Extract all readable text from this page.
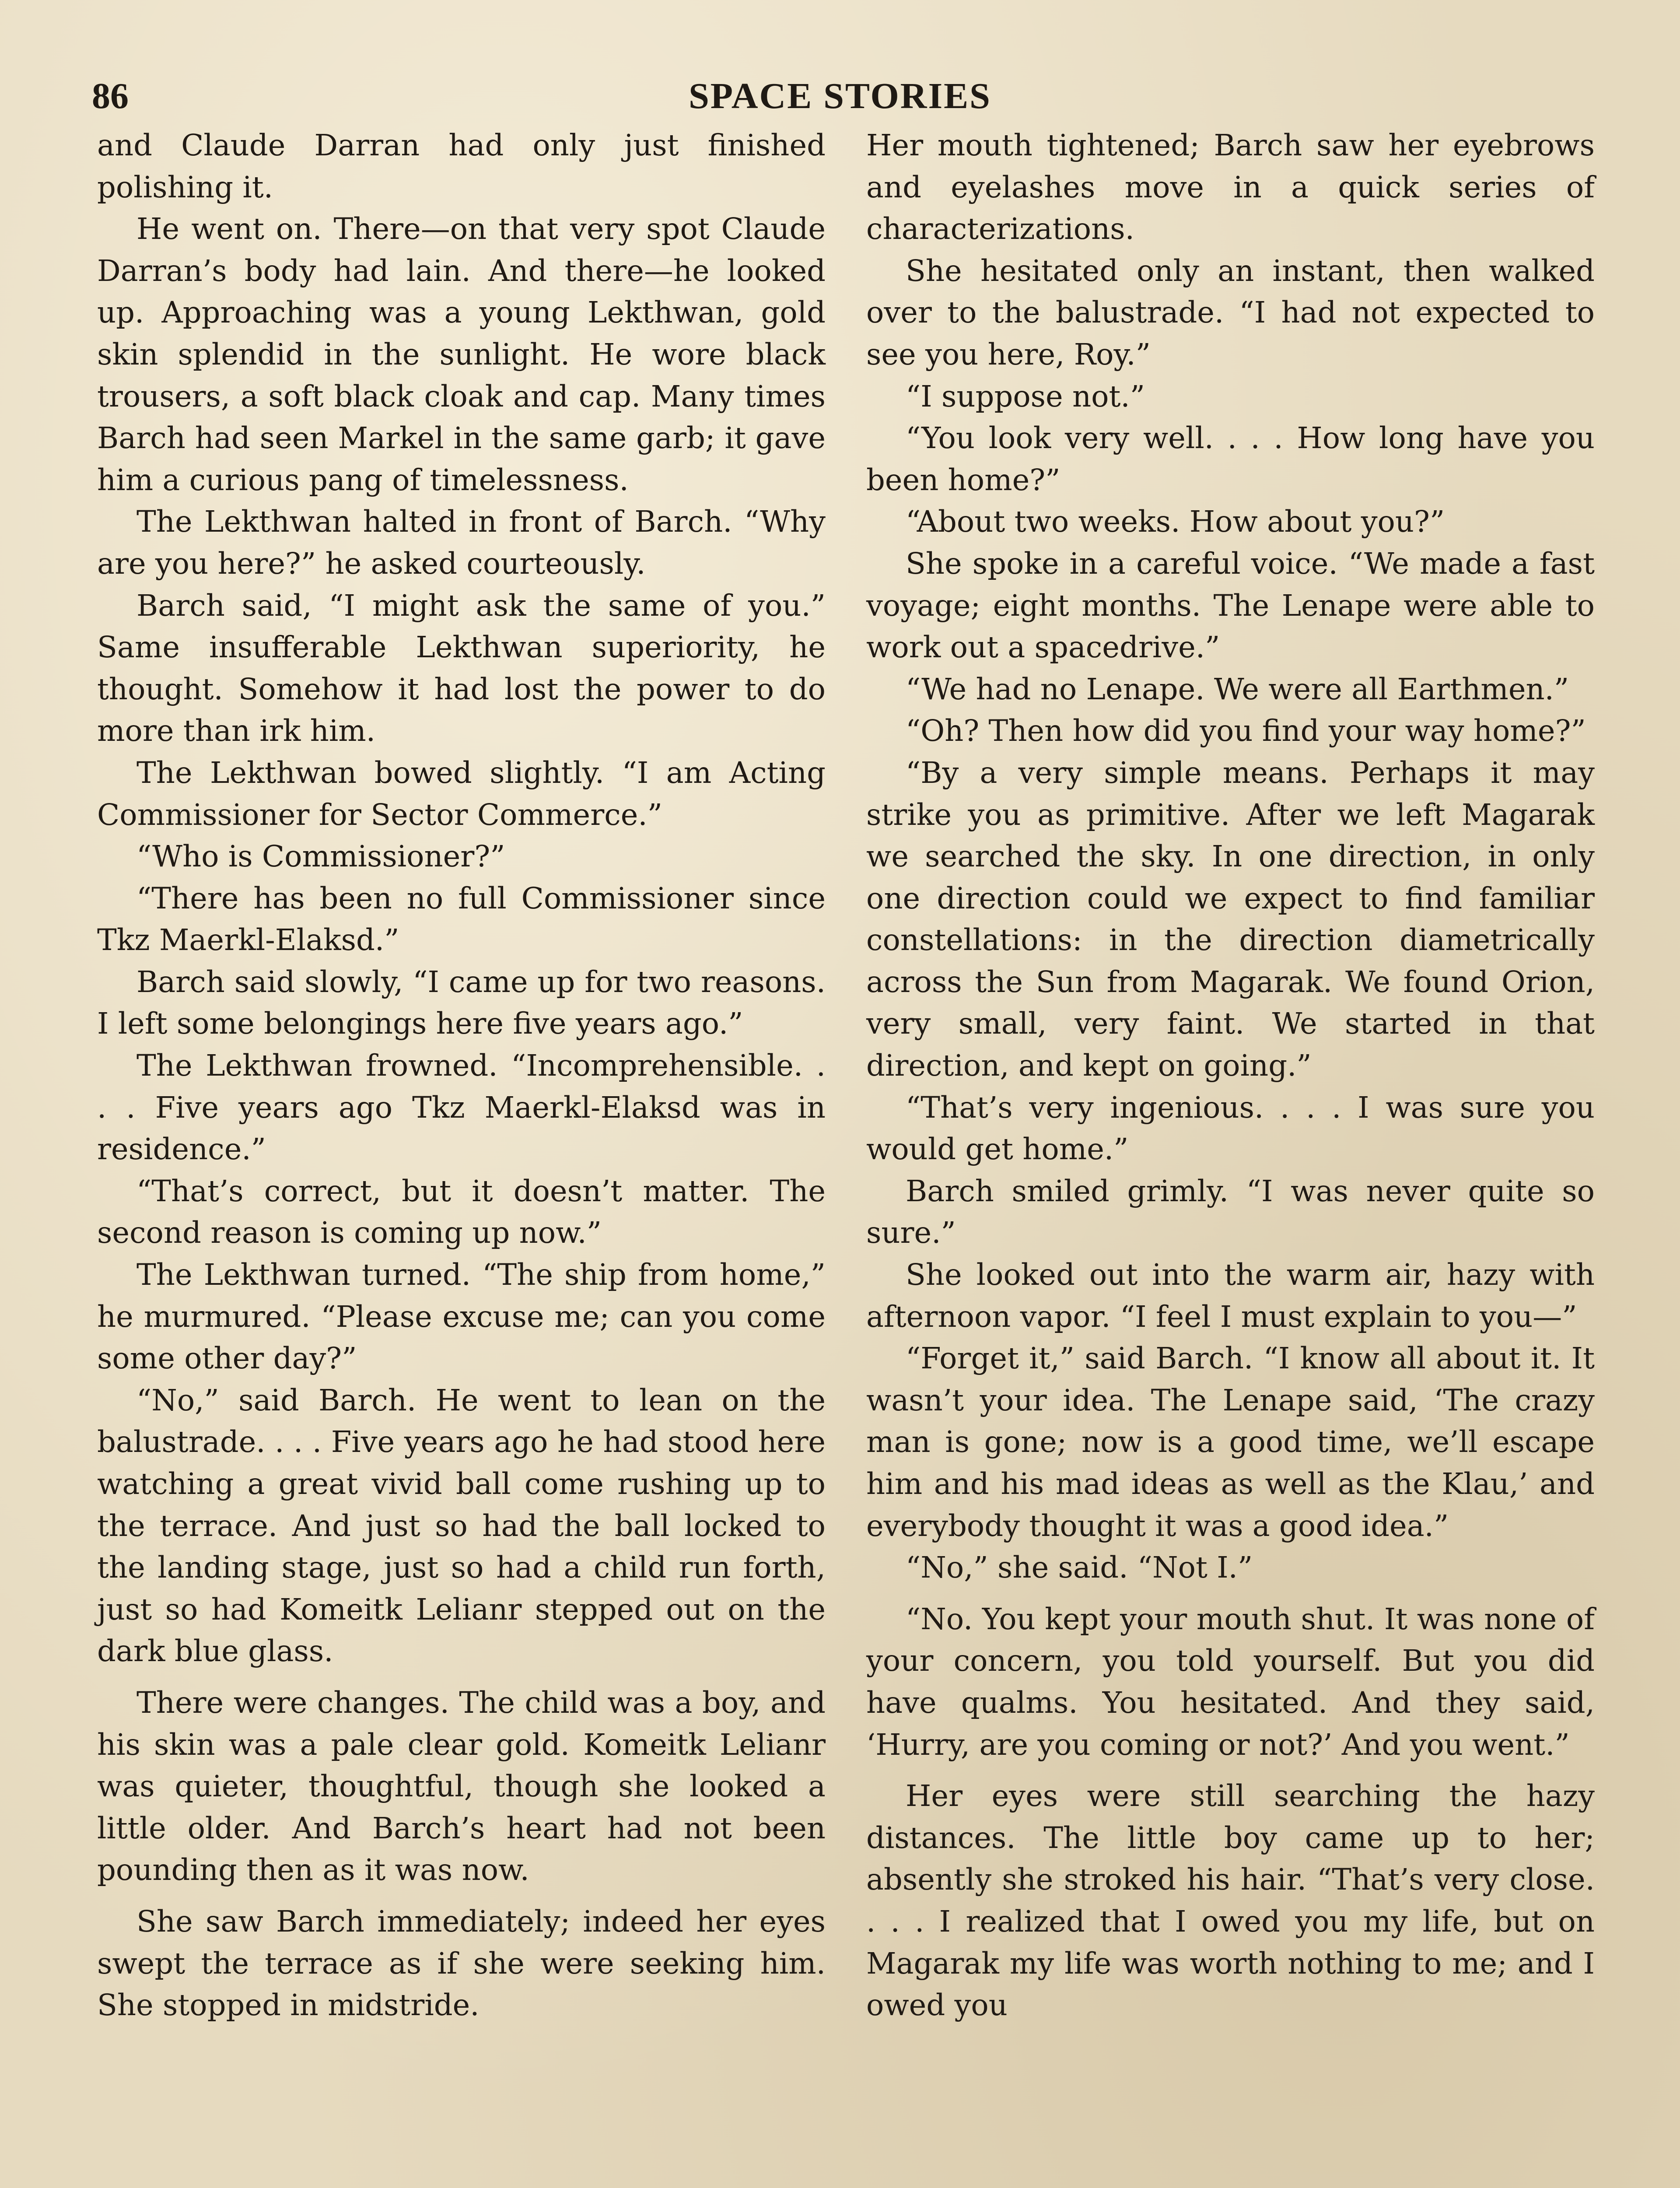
86	SPACE STORIES

and Claude Darran had only just finished polishing it.

He went on. There—on that very spot Claude Darran’s body had lain. And there—he looked up. Approaching was a young Lekthwan, gold skin splendid in the sunlight. He wore black trousers, a soft black cloak and cap. Many times Barch had seen Markel in the same garb; it gave him a curious pang of timelessness.

The Lekthwan halted in front of Barch. “Why are you here?” he asked courteously.

Barch said, “I might ask the same of you.” Same insufferable Lekthwan superiority, he thought. Somehow it had lost the power to do more than irk him.

The Lekthwan bowed slightly. “I am Acting Commissioner for Sector Commerce.”

“Who is Commissioner?”

“There has been no full Commissioner since Tkz Maerkl-Elaksd.”

Barch said slowly, “I came up for two reasons. I left some belongings here five years ago.”

The Lekthwan frowned. “Incomprehensible. . . . Five years ago Tkz Maerkl-Elaksd was in residence.”

“That’s correct, but it doesn’t matter. The second reason is coming up now.”

The Lekthwan turned. “The ship from home,” he murmured. “Please excuse me; can you come some other day?”

“No,” said Barch. He went to lean on the balustrade. . . . Five years ago he had stood here watching a great vivid ball come rushing up to the terrace. And just so had the ball locked to the landing stage, just so had a child run forth, just so had Komeitk Lelianr stepped out on the dark blue glass.

There were changes. The child was a boy, and his skin was a pale clear gold. Komeitk Lelianr was quieter, thoughtful, though she looked a little older. And Barch’s heart had not been pounding then as it was now.

She saw Barch immediately; indeed her eyes swept the terrace as if she were seeking him. She stopped in midstride.

Her mouth tightened; Barch saw her eyebrows and eyelashes move in a quick series of characterizations.

She hesitated only an instant, then walked over to the balustrade. “I had not expected to see you here, Roy.”

“I suppose not.”

“You look very well. . . . How long have you been home?”

“About two weeks. How about you?”

She spoke in a careful voice. “We made a fast voyage; eight months. The Lenape were able to work out a spacedrive.”

“We had no Lenape. We were all Earthmen.”

“Oh? Then how did you find your way home?”

“By a very simple means. Perhaps it may strike you as primitive. After we left Magarak we searched the sky. In one direction, in only one direction could we expect to find familiar constellations: in the direction diametrically across the Sun from Magarak. We found Orion, very small, very faint. We started in that direction, and kept on going.”

“That’s very ingenious. . . . I was sure you would get home.”

Barch smiled grimly. “I was never quite so sure.”

She looked out into the warm air, hazy with afternoon vapor. “I feel I must explain to you—”

“Forget it,” said Barch. “I know all about it. It wasn’t your idea. The Lenape said, ‘The crazy man is gone; now is a good time, we’ll escape him and his mad ideas as well as the Klau,’ and everybody thought it was a good idea.”

“No,” she said. “Not I.”

“No. You kept your mouth shut. It was none of your concern, you told yourself. But you did have qualms. You hesitated. And they said, ‘Hurry, are you coming or not?’ And you went.”

Her eyes were still searching the hazy distances. The little boy came up to her; absently she stroked his hair. “That’s very close. . . . I realized that I owed you my life, but on Magarak my life was worth nothing to me; and I owed you
